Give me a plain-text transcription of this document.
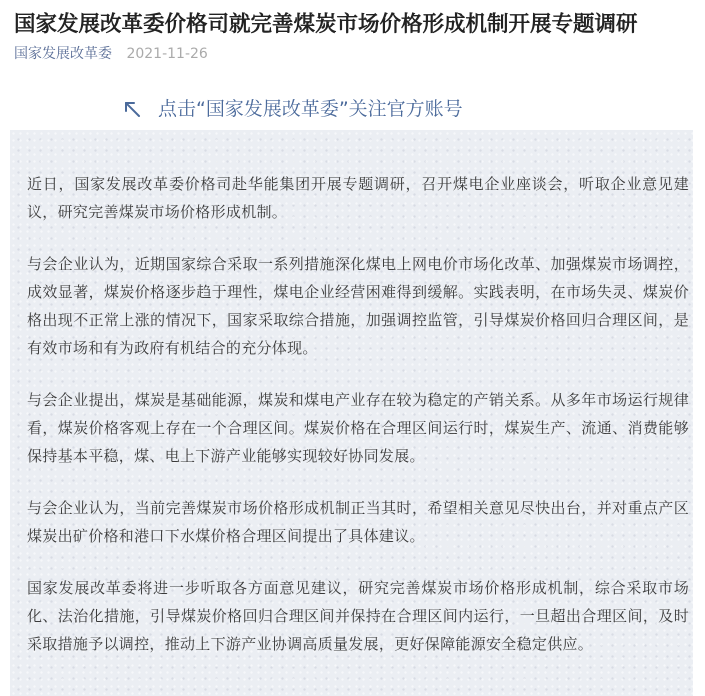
国家发展改革委价格司就完善煤炭市场价格形成机制开展专题调研
国家发展改革委 2021-11-26
点击“国家发展改革委”关注官方账号

近日，国家发展改革委价格司赴华能集团开展专题调研，召开煤电企业座谈会，听取企业意见建议，研究完善煤炭市场价格形成机制。

与会企业认为，近期国家综合采取一系列措施深化煤电上网电价市场化改革、加强煤炭市场调控，成效显著，煤炭价格逐步趋于理性，煤电企业经营困难得到缓解。实践表明，在市场失灵、煤炭价格出现不正常上涨的情况下，国家采取综合措施，加强调控监管，引导煤炭价格回归合理区间，是有效市场和有为政府有机结合的充分体现。

与会企业提出，煤炭是基础能源，煤炭和煤电产业存在较为稳定的产销关系。从多年市场运行规律看，煤炭价格客观上存在一个合理区间。煤炭价格在合理区间运行时，煤炭生产、流通、消费能够保持基本平稳，煤、电上下游产业能够实现较好协同发展。

与会企业认为，当前完善煤炭市场价格形成机制正当其时，希望相关意见尽快出台，并对重点产区煤炭出矿价格和港口下水煤价格合理区间提出了具体建议。

国家发展改革委将进一步听取各方面意见建议，研究完善煤炭市场价格形成机制，综合采取市场化、法治化措施，引导煤炭价格回归合理区间并保持在合理区间内运行，一旦超出合理区间，及时采取措施予以调控，推动上下游产业协调高质量发展，更好保障能源安全稳定供应。
